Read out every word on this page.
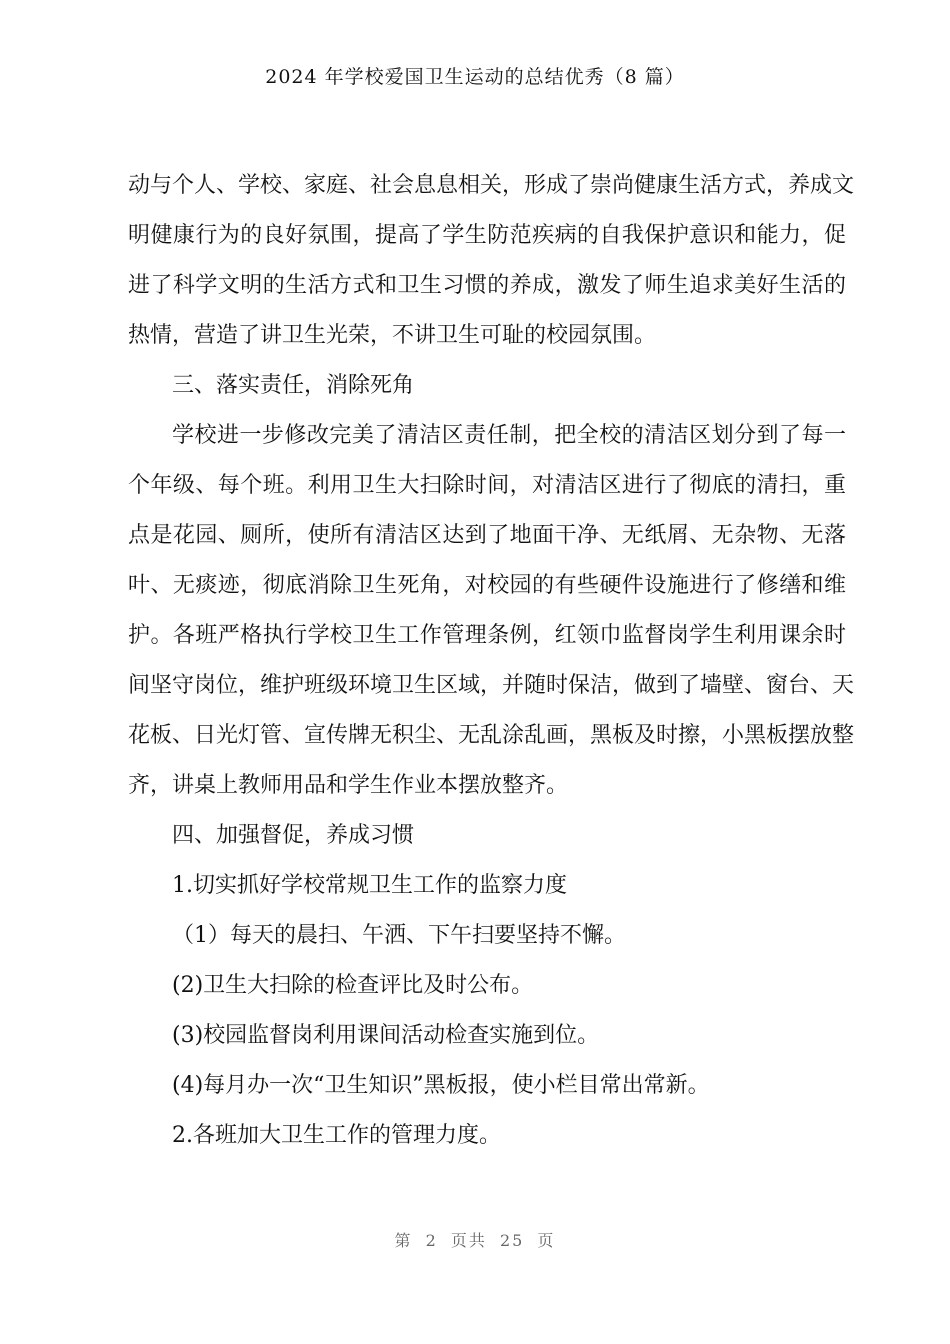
2024 年学校爱国卫生运动的总结优秀（8 篇）
动与个人、学校、家庭、社会息息相关，形成了崇尚健康生活方式，养成文
明健康行为的良好氛围，提高了学生防范疾病的自我保护意识和能力，促
进了科学文明的生活方式和卫生习惯的养成，激发了师生追求美好生活的
热情，营造了讲卫生光荣，不讲卫生可耻的校园氛围。
三、落实责任，消除死角
学校进一步修改完美了清洁区责任制，把全校的清洁区划分到了每一
个年级、每个班。利用卫生大扫除时间，对清洁区进行了彻底的清扫，重
点是花园、厕所，使所有清洁区达到了地面干净、无纸屑、无杂物、无落
叶、无痰迹，彻底消除卫生死角，对校园的有些硬件设施进行了修缮和维
护。各班严格执行学校卫生工作管理条例，红领巾监督岗学生利用课余时
间坚守岗位，维护班级环境卫生区域，并随时保洁，做到了墙壁、窗台、天
花板、日光灯管、宣传牌无积尘、无乱涂乱画，黑板及时擦，小黑板摆放整
齐，讲桌上教师用品和学生作业本摆放整齐。
四、加强督促，养成习惯
1.切实抓好学校常规卫生工作的监察力度
（1）每天的晨扫、午洒、下午扫要坚持不懈。
(2)卫生大扫除的检查评比及时公布。
(3)校园监督岗利用课间活动检查实施到位。
(4)每月办一次“卫生知识”黑板报，使小栏目常出常新。
2.各班加大卫生工作的管理力度。
第 2 页共 25 页
